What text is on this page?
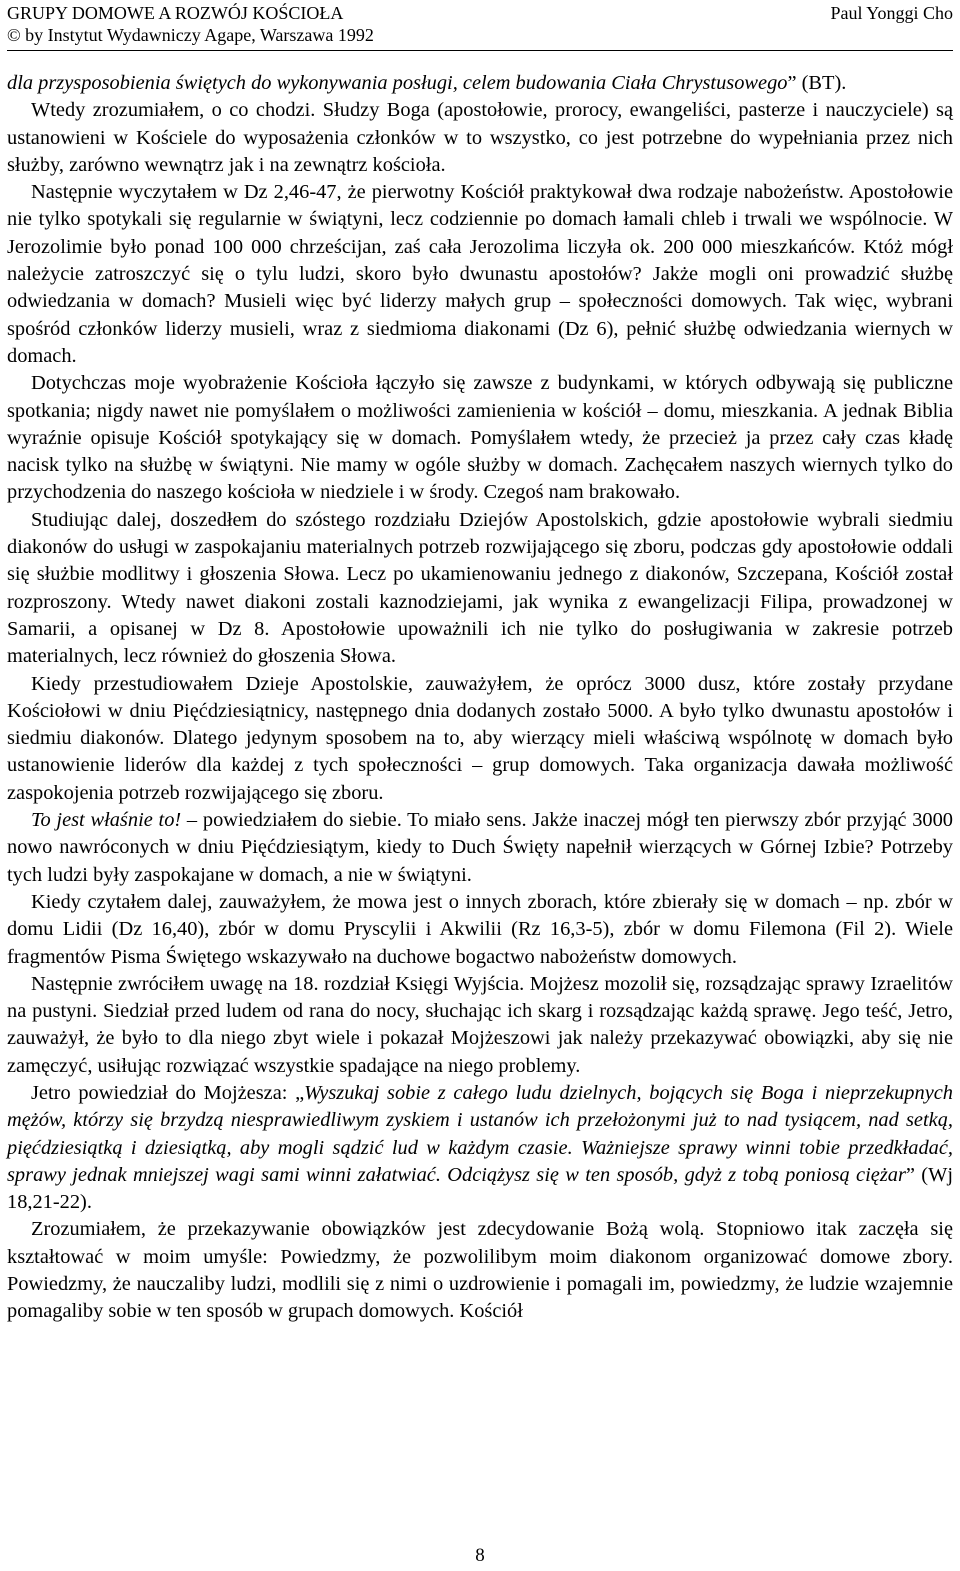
GRUPY DOMOWE A ROZWÓJ KOŚCIOŁA	Paul Yonggi Cho
© by Instytut Wydawniczy Agape, Warszawa 1992

dla przysposobienia świętych do wykonywania posługi, celem budowania Ciała Chrystusowego” (BT).

Wtedy zrozumiałem, o co chodzi. Słudzy Boga (apostołowie, prorocy, ewangeliści, pasterze i nauczyciele) są ustanowieni w Kościele do wyposażenia członków w to wszystko, co jest potrzebne do wypełniania przez nich służby, zarówno wewnątrz jak i na zewnątrz kościoła.

Następnie wyczytałem w Dz 2,46-47, że pierwotny Kościół praktykował dwa rodzaje nabożeństw. Apostołowie nie tylko spotykali się regularnie w świątyni, lecz codziennie po domach łamali chleb i trwali we wspólnocie. W Jerozolimie było ponad 100 000 chrześcijan, zaś cała Jerozolima liczyła ok. 200 000 mieszkańców. Któż mógł należycie zatroszczyć się o tylu ludzi, skoro było dwunastu apostołów? Jakże mogli oni prowadzić służbę odwiedzania w domach? Musieli więc być liderzy małych grup – społeczności domowych. Tak więc, wybrani spośród członków liderzy musieli, wraz z siedmioma diakonami (Dz 6), pełnić służbę odwiedzania wiernych w domach.

Dotychczas moje wyobrażenie Kościoła łączyło się zawsze z budynkami, w których odbywają się publiczne spotkania; nigdy nawet nie pomyślałem o możliwości zamienienia w kościół – domu, mieszkania. A jednak Biblia wyraźnie opisuje Kościół spotykający się w domach. Pomyślałem wtedy, że przecież ja przez cały czas kładę nacisk tylko na służbę w świątyni. Nie mamy w ogóle służby w domach. Zachęcałem naszych wiernych tylko do przychodzenia do naszego kościoła w niedziele i w środy. Czegoś nam brakowało.

Studiując dalej, doszedłem do szóstego rozdziału Dziejów Apostolskich, gdzie apostołowie wybrali siedmiu diakonów do usługi w zaspokajaniu materialnych potrzeb rozwijającego się zboru, podczas gdy apostołowie oddali się służbie modlitwy i głoszenia Słowa. Lecz po ukamienowaniu jednego z diakonów, Szczepana, Kościół został rozproszony. Wtedy nawet diakoni zostali kaznodziejami, jak wynika z ewangelizacji Filipa, prowadzonej w Samarii, a opisanej w Dz 8. Apostołowie upoważnili ich nie tylko do posługiwania w zakresie potrzeb materialnych, lecz również do głoszenia Słowa.

Kiedy przestudiowałem Dzieje Apostolskie, zauważyłem, że oprócz 3000 dusz, które zostały przydane Kościołowi w dniu Pięćdziesiątnicy, następnego dnia dodanych zostało 5000. A było tylko dwunastu apostołów i siedmiu diakonów. Dlatego jedynym sposobem na to, aby wierzący mieli właściwą wspólnotę w domach było ustanowienie liderów dla każdej z tych społeczności – grup domowych. Taka organizacja dawała możliwość zaspokojenia potrzeb rozwijającego się zboru.

To jest właśnie to! – powiedziałem do siebie. To miało sens. Jakże inaczej mógł ten pierwszy zbór przyjąć 3000 nowo nawróconych w dniu Pięćdziesiątym, kiedy to Duch Święty napełnił wierzących w Górnej Izbie? Potrzeby tych ludzi były zaspokajane w domach, a nie w świątyni.

Kiedy czytałem dalej, zauważyłem, że mowa jest o innych zborach, które zbierały się w domach – np. zbór w domu Lidii (Dz 16,40), zbór w domu Pryscylii i Akwilii (Rz 16,3-5), zbór w domu Filemona (Fil 2). Wiele fragmentów Pisma Świętego wskazywało na duchowe bogactwo nabożeństw domowych.

Następnie zwróciłem uwagę na 18. rozdział Księgi Wyjścia. Mojżesz mozolił się, rozsądzając sprawy Izraelitów na pustyni. Siedział przed ludem od rana do nocy, słuchając ich skarg i rozsądzając każdą sprawę. Jego teść, Jetro, zauważył, że było to dla niego zbyt wiele i pokazał Mojżeszowi jak należy przekazywać obowiązki, aby się nie zamęczyć, usiłując rozwiązać wszystkie spadające na niego problemy.

Jetro powiedział do Mojżesza: „Wyszukaj sobie z całego ludu dzielnych, bojących się Boga i nieprzekupnych mężów, którzy się brzydzą niesprawiedliwym zyskiem i ustanów ich przełożonymi już to nad tysiącem, nad setką, pięćdziesiątką i dziesiątką, aby mogli sądzić lud w każdym czasie. Ważniejsze sprawy winni tobie przedkładać, sprawy jednak mniejszej wagi sami winni załatwiać. Odciążysz się w ten sposób, gdyż z tobą poniosą ciężar” (Wj 18,21-22).

Zrozumiałem, że przekazywanie obowiązków jest zdecydowanie Bożą wolą. Stopniowo itak zaczęła się kształtować w moim umyśle: Powiedzmy, że pozwolilibym moim diakonom organizować domowe zbory. Powiedzmy, że nauczaliby ludzi, modlili się z nimi o uzdrowienie i pomagali im, powiedzmy, że ludzie wzajemnie pomagaliby sobie w ten sposób w grupach domowych. Kościół

8
